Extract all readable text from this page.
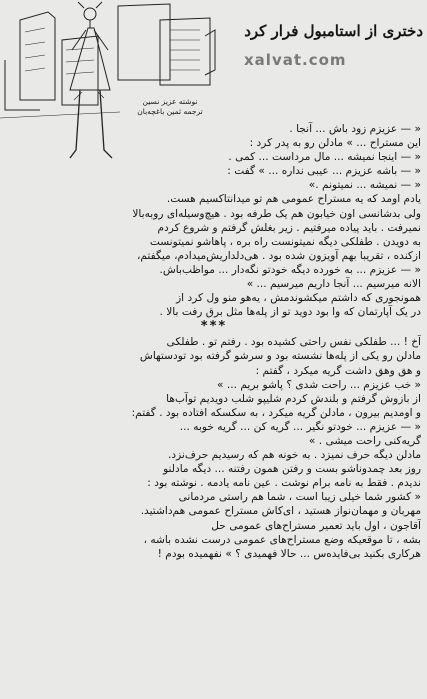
دختری از استامبول فرار کرد
xalvat.com
نوشته عزیز نسین
ترجمه ثمین باغچه‌بان
« — عزیزم زود باش ... آنجا .
این مستراح ... » مادلن رو به پدر کرد :
« — اینجا نمیشه ... مال مرداست ... کمی .
« — باشه عزیزم ... عیبی نداره ... » گفت :
« — نمیشه ... نمیتونم .»
یادم اومد که یه مستراح عمومی هم تو میدانتاکسیم هست.
ولی بدشانسی اون خیابون هم یک طرفه بود . هیچ‌وسیله‌ای رو‌به‌بالا
نمیرفت . باید پیاده میرفتیم . زیر بغلش گرفتم و شروع کردم
به دویدن . طفلکی دیگه نمیتونست راه بره ، پاهاشو نمیتونست
از‌کنده ، تقریبا بهم آویزون شده بود . هی‌دلداریش‌میدادم، میگفتم،
« — عزیزم ... به خورده دیگه خودتو نگه‌دار ... مواظب‌باش.
الانه میرسیم ... آنجا داریم میرسیم ... »
همونجوری که داشتم میکشوندمش ، یه‌هو منو ول کرد از
در یک آپارتمان که وا بود دوید تو از پله‌ها مثل برق رفت بالا .
***
آخ ! ... طفلکی نفس راحتی کشیده بود . رفتم تو . طفلکی
مادلن رو یکی از پله‌ها نشسته بود و سرشو گرفته بود تودستهاش
و هق وهق داشت گریه میکرد ، گفتم :
« خب عزیزم ... راحت شدی ؟ پاشو بریم ... »
از بازوش گرفتم و بلندش کردم شلیپو شلب دویدیم تو‌آب‌ها
و اومدیم بیرون ، مادلن گریه میکرد ، به سکسکه افتاده بود . گفتم:
« — عزیزم ... خودتو نگیر ... گریه کن ... گریه خوبه ...
گریه‌کنی راحت میشی . »
مادلن دیگه حرف نمیزد . به خونه هم که رسیدیم حرف‌نزد.
روز بعد چمدوناشو بست و رفتن همون رفتنه ... دیگه مادلنو
ندیدم . فقط به نامه برام نوشت . عین نامه یادمه . نوشته بود :
« کشور شما خیلی زیبا است ، شما هم راستی مردمانی
مهربان و مهمان‌نواز هستید ، ای‌کاش مستراح عمومی هم‌داشتید.
آقاجون ، اول باید تعمیر مستراح‌های عمومی حل
بشه ، تا موقعیکه وضع مستراح‌های عمومی درست نشده باشه ،
هرکاری بکنید بی‌فایده‌س ... حالا فهمیدی ؟ » نفهمیده بودم !
